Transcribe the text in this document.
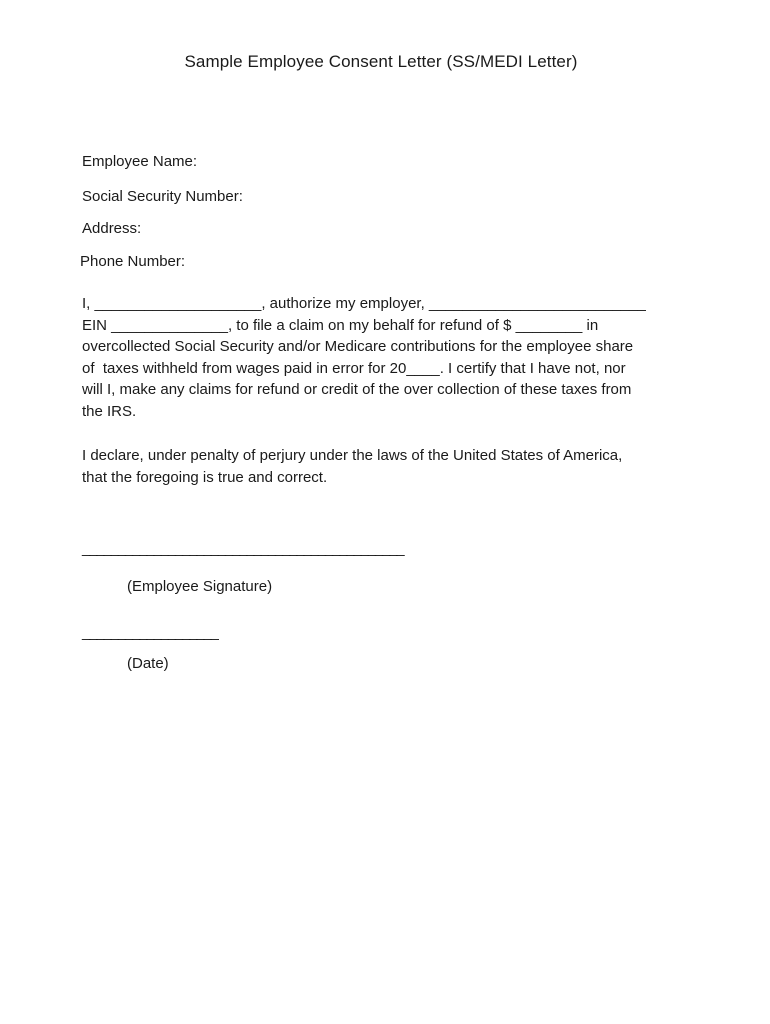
Sample Employee Consent Letter (SS/MEDI Letter)
Employee Name:
Social Security Number:
Address:
Phone Number:
I, ____________________, authorize my employer, __________________________
EIN ______________, to file a claim on my behalf for refund of $ ________ in
overcollected Social Security and/or Medicare contributions for the employee share
of  taxes withheld from wages paid in error for 20____. I certify that I have not, nor
will I, make any claims for refund or credit of the over collection of these taxes from
the IRS.
I declare, under penalty of perjury under the laws of the United States of America,
that the foregoing is true and correct.
_____________________________________________
(Employee Signature)
___________________
(Date)
